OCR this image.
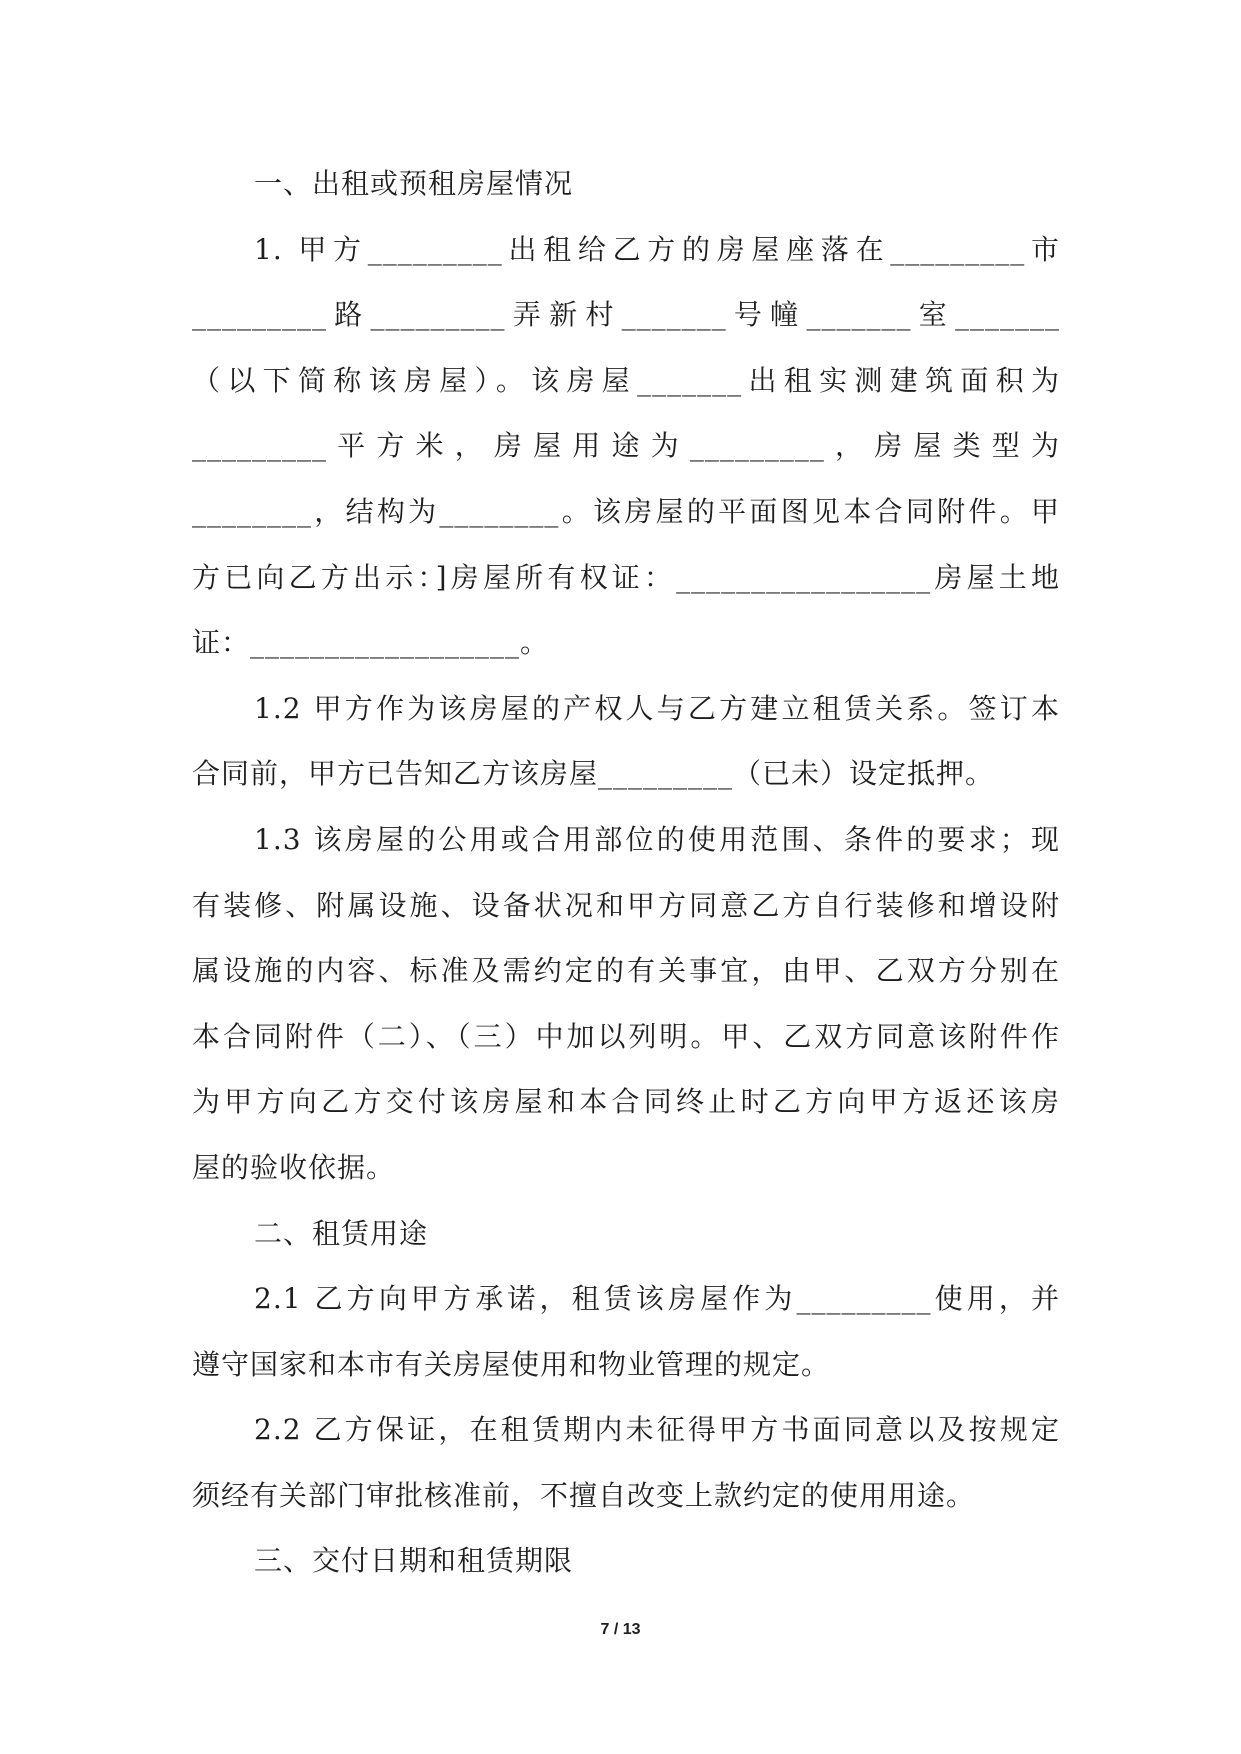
一、出租或预租房屋情况
1. 甲方_________出租给乙方的房屋座落在_________市
_________路_________弄新村_______号幢_______室_______
（以下简称该房屋）。该房屋_______出租实测建筑面积为
_________平方米，房屋用途为_________，房屋类型为
________，结构为________。该房屋的平面图见本合同附件。甲
方已向乙方出示：]房屋所有权证：_________________房屋土地
证：__________________。
1.2 甲方作为该房屋的产权人与乙方建立租赁关系。签订本
合同前，甲方已告知乙方该房屋_________（已未）设定抵押。
1.3 该房屋的公用或合用部位的使用范围、条件的要求；现
有装修、附属设施、设备状况和甲方同意乙方自行装修和增设附
属设施的内容、标准及需约定的有关事宜，由甲、乙双方分别在
本合同附件（二）、（三）中加以列明。甲、乙双方同意该附件作
为甲方向乙方交付该房屋和本合同终止时乙方向甲方返还该房
屋的验收依据。
二、租赁用途
2.1 乙方向甲方承诺，租赁该房屋作为_________使用，并
遵守国家和本市有关房屋使用和物业管理的规定。
2.2 乙方保证，在租赁期内未征得甲方书面同意以及按规定
须经有关部门审批核准前，不擅自改变上款约定的使用用途。
三、交付日期和租赁期限
7 / 13
